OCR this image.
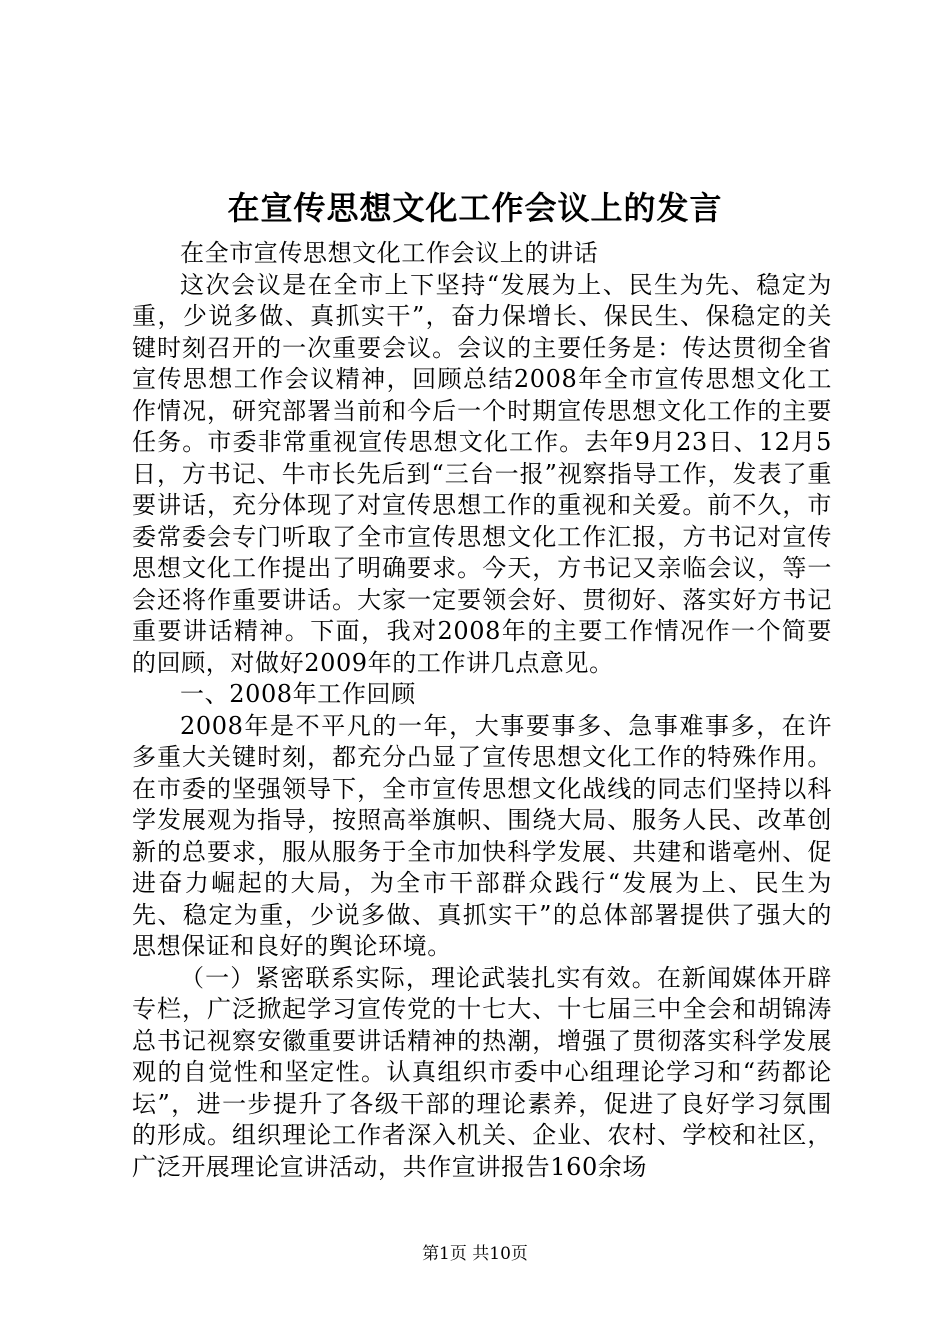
在宣传思想文化工作会议上的发言

在全市宣传思想文化工作会议上的讲话

这次会议是在全市上下坚持“发展为上、民生为先、稳定为重，少说多做、真抓实干”，奋力保增长、保民生、保稳定的关键时刻召开的一次重要会议。会议的主要任务是：传达贯彻全省宣传思想工作会议精神，回顾总结2008年全市宣传思想文化工作情况，研究部署当前和今后一个时期宣传思想文化工作的主要任务。市委非常重视宣传思想文化工作。去年9月23日、12月5日，方书记、牛市长先后到“三台一报”视察指导工作，发表了重要讲话，充分体现了对宣传思想工作的重视和关爱。前不久，市委常委会专门听取了全市宣传思想文化工作汇报，方书记对宣传思想文化工作提出了明确要求。今天，方书记又亲临会议，等一会还将作重要讲话。大家一定要领会好、贯彻好、落实好方书记重要讲话精神。下面，我对2008年的主要工作情况作一个简要的回顾，对做好2009年的工作讲几点意见。

一、2008年工作回顾

2008年是不平凡的一年，大事要事多、急事难事多，在许多重大关键时刻，都充分凸显了宣传思想文化工作的特殊作用。在市委的坚强领导下，全市宣传思想文化战线的同志们坚持以科学发展观为指导，按照高举旗帜、围绕大局、服务人民、改革创新的总要求，服从服务于全市加快科学发展、共建和谐亳州、促进奋力崛起的大局，为全市干部群众践行“发展为上、民生为先、稳定为重，少说多做、真抓实干”的总体部署提供了强大的思想保证和良好的舆论环境。

（一）紧密联系实际，理论武装扎实有效。在新闻媒体开辟专栏，广泛掀起学习宣传党的十七大、十七届三中全会和胡锦涛总书记视察安徽重要讲话精神的热潮，增强了贯彻落实科学发展观的自觉性和坚定性。认真组织市委中心组理论学习和“药都论坛”，进一步提升了各级干部的理论素养，促进了良好学习氛围的形成。组织理论工作者深入机关、企业、农村、学校和社区，广泛开展理论宣讲活动，共作宣讲报告160余场

第1页 共10页
